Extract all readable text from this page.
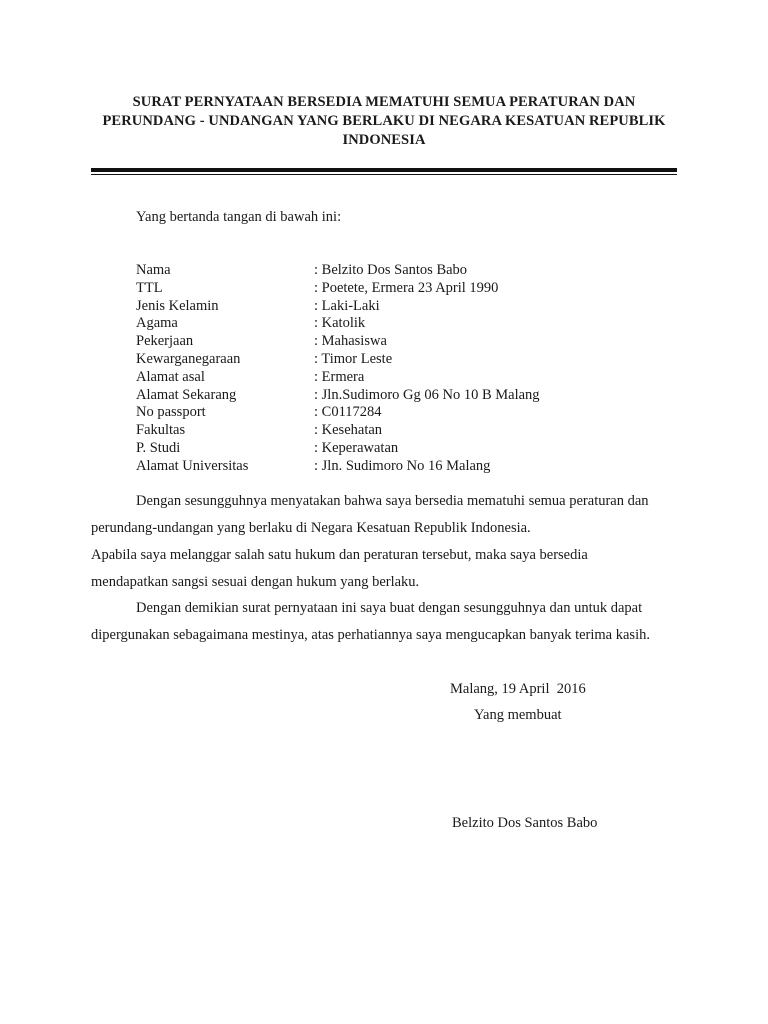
SURAT PERNYATAAN BERSEDIA MEMATUHI SEMUA PERATURAN DAN
PERUNDANG - UNDANGAN YANG BERLAKU DI NEGARA KESATUAN REPUBLIK
INDONESIA
Yang bertanda tangan di bawah ini:
Nama	: Belzito Dos Santos Babo
TTL	: Poetete, Ermera 23 April 1990
Jenis Kelamin	: Laki-Laki
Agama	: Katolik
Pekerjaan	: Mahasiswa
Kewarganegaraan	: Timor Leste
Alamat asal	: Ermera
Alamat Sekarang	: Jln.Sudimoro Gg 06 No 10 B Malang
No passport	: C0117284
Fakultas	: Kesehatan
P. Studi	: Keperawatan
Alamat Universitas	: Jln. Sudimoro No 16 Malang
Dengan sesungguhnya menyatakan bahwa saya bersedia mematuhi semua peraturan dan
perundang-undangan yang berlaku di Negara Kesatuan Republik Indonesia.
Apabila saya melanggar salah satu hukum dan peraturan tersebut, maka saya bersedia
mendapatkan sangsi sesuai dengan hukum yang berlaku.
Dengan demikian surat pernyataan ini saya buat dengan sesungguhnya dan untuk dapat
dipergunakan sebagaimana mestinya, atas perhatiannya saya mengucapkan banyak terima kasih.
Malang, 19 April  2016
Yang membuat
Belzito Dos Santos Babo
